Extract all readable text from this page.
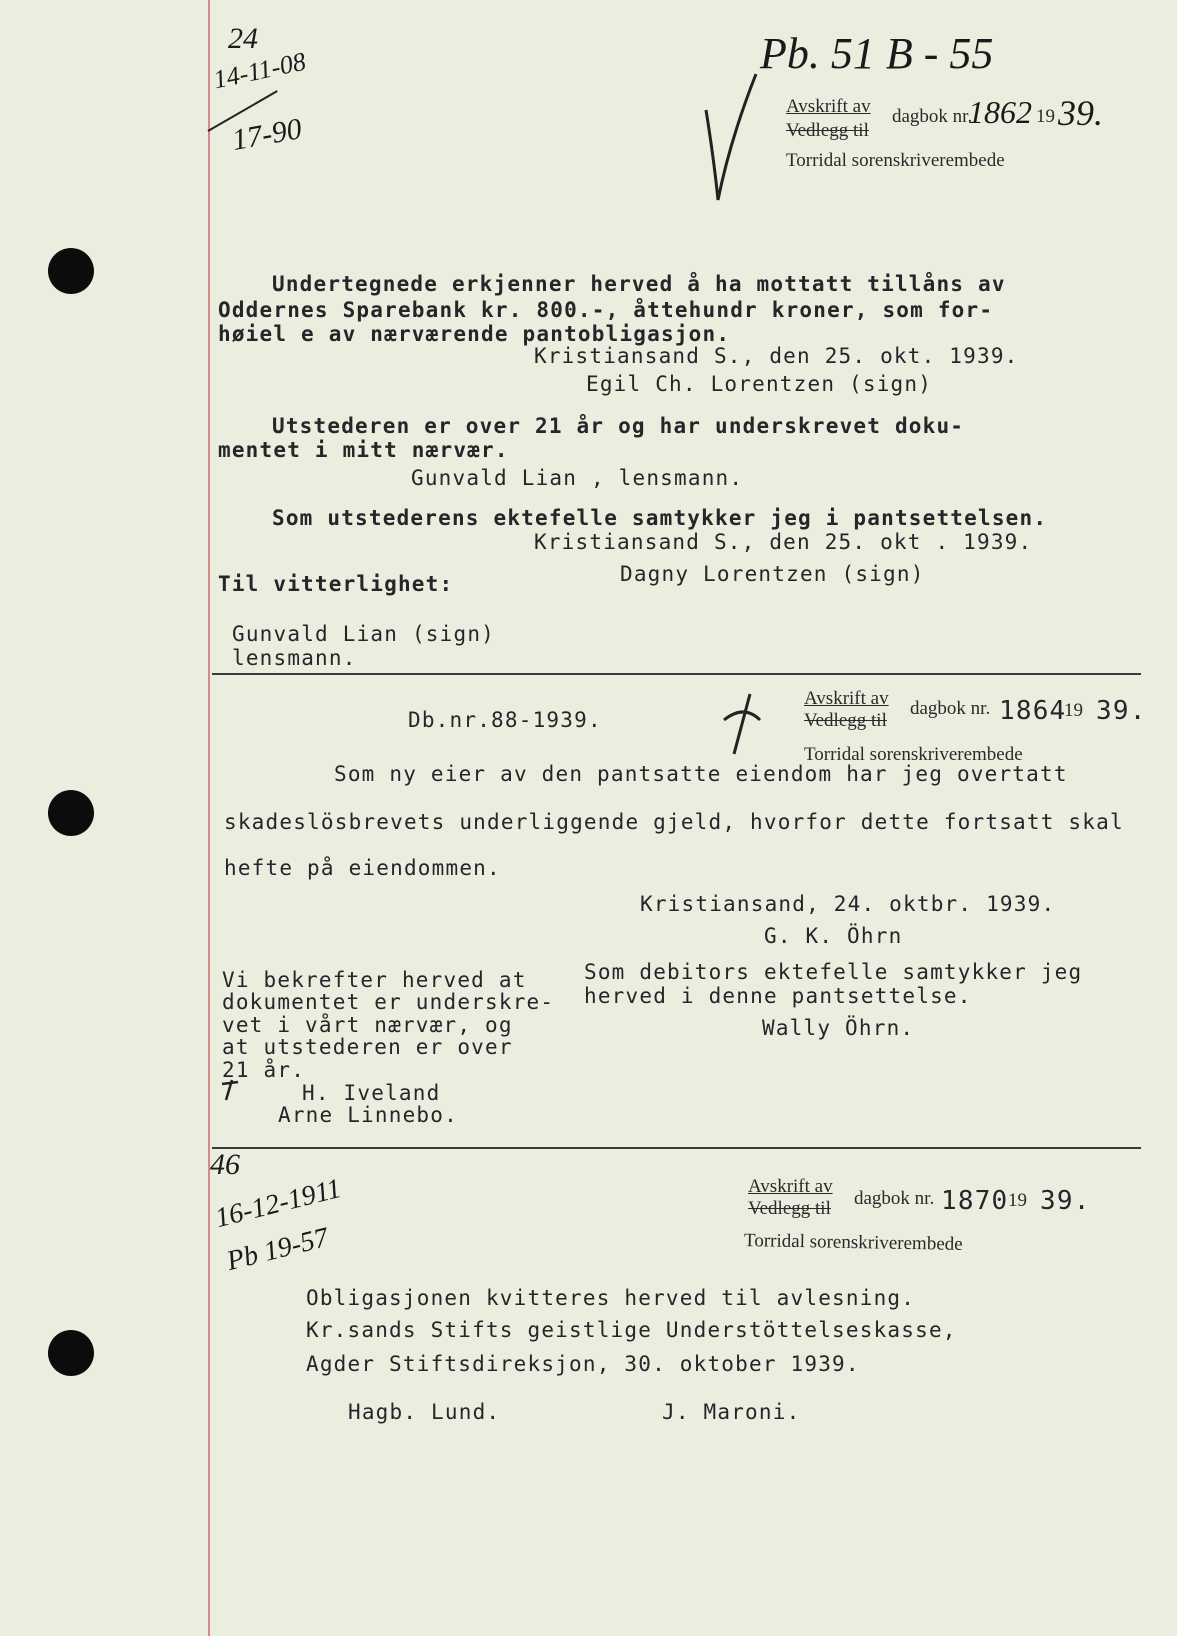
24
14-11-08
17-90
Pb. 51 B - 55
Avskrift av
Vedlegg til
dagbok nr.
1862 19 39.
Torridal sorenskriverembede
Undertegnede erkjenner herved å ha mottatt tillåns av
Oddernes Sparebank kr. 800.-, åttehundr kroner, som for-
høiel e av nærværende pantobligasjon.
Kristiansand S., den 25. okt. 1939.
Egil Ch. Lorentzen (sign)
Utstederen er over 21 år og har underskrevet doku-
mentet i mitt nærvær.
Gunvald Lian , lensmann.
Som utstederens ektefelle samtykker jeg i pantsettelsen.
Kristiansand S., den 25. okt . 1939.
Dagny Lorentzen (sign)
Til vitterlighet:
Gunvald Lian (sign)
lensmann.
Db.nr.88-1939.
Avskrift av
Vedlegg til
dagbok nr. 1864
19 39.
Torridal sorenskriverembede
Som ny eier av den pantsatte eiendom har jeg overtatt
skadeslösbrevets underliggende gjeld, hvorfor dette fortsatt skal
hefte på eiendommen.
Kristiansand, 24. oktbr. 1939.
G. K. Öhrn
Som debitors ektefelle samtykker jeg
herved i denne pantsettelse.
Wally Öhrn.
Vi bekrefter herved at
dokumentet er underskre-
vet i vårt nærvær, og
at utstederen er over
21 år.
H. Iveland
Arne Linnebo.
46
16-12-1911
Pb 19-57
Avskrift av
Vedlegg til dagbok nr. 1870 19 39.
Torridal sorenskriverembede
Obligasjonen kvitteres herved til avlesning.
Kr.sands Stifts geistlige Understöttelseskasse,
Agder Stiftsdireksjon, 30. oktober 1939.
Hagb. Lund.	J. Maroni.
